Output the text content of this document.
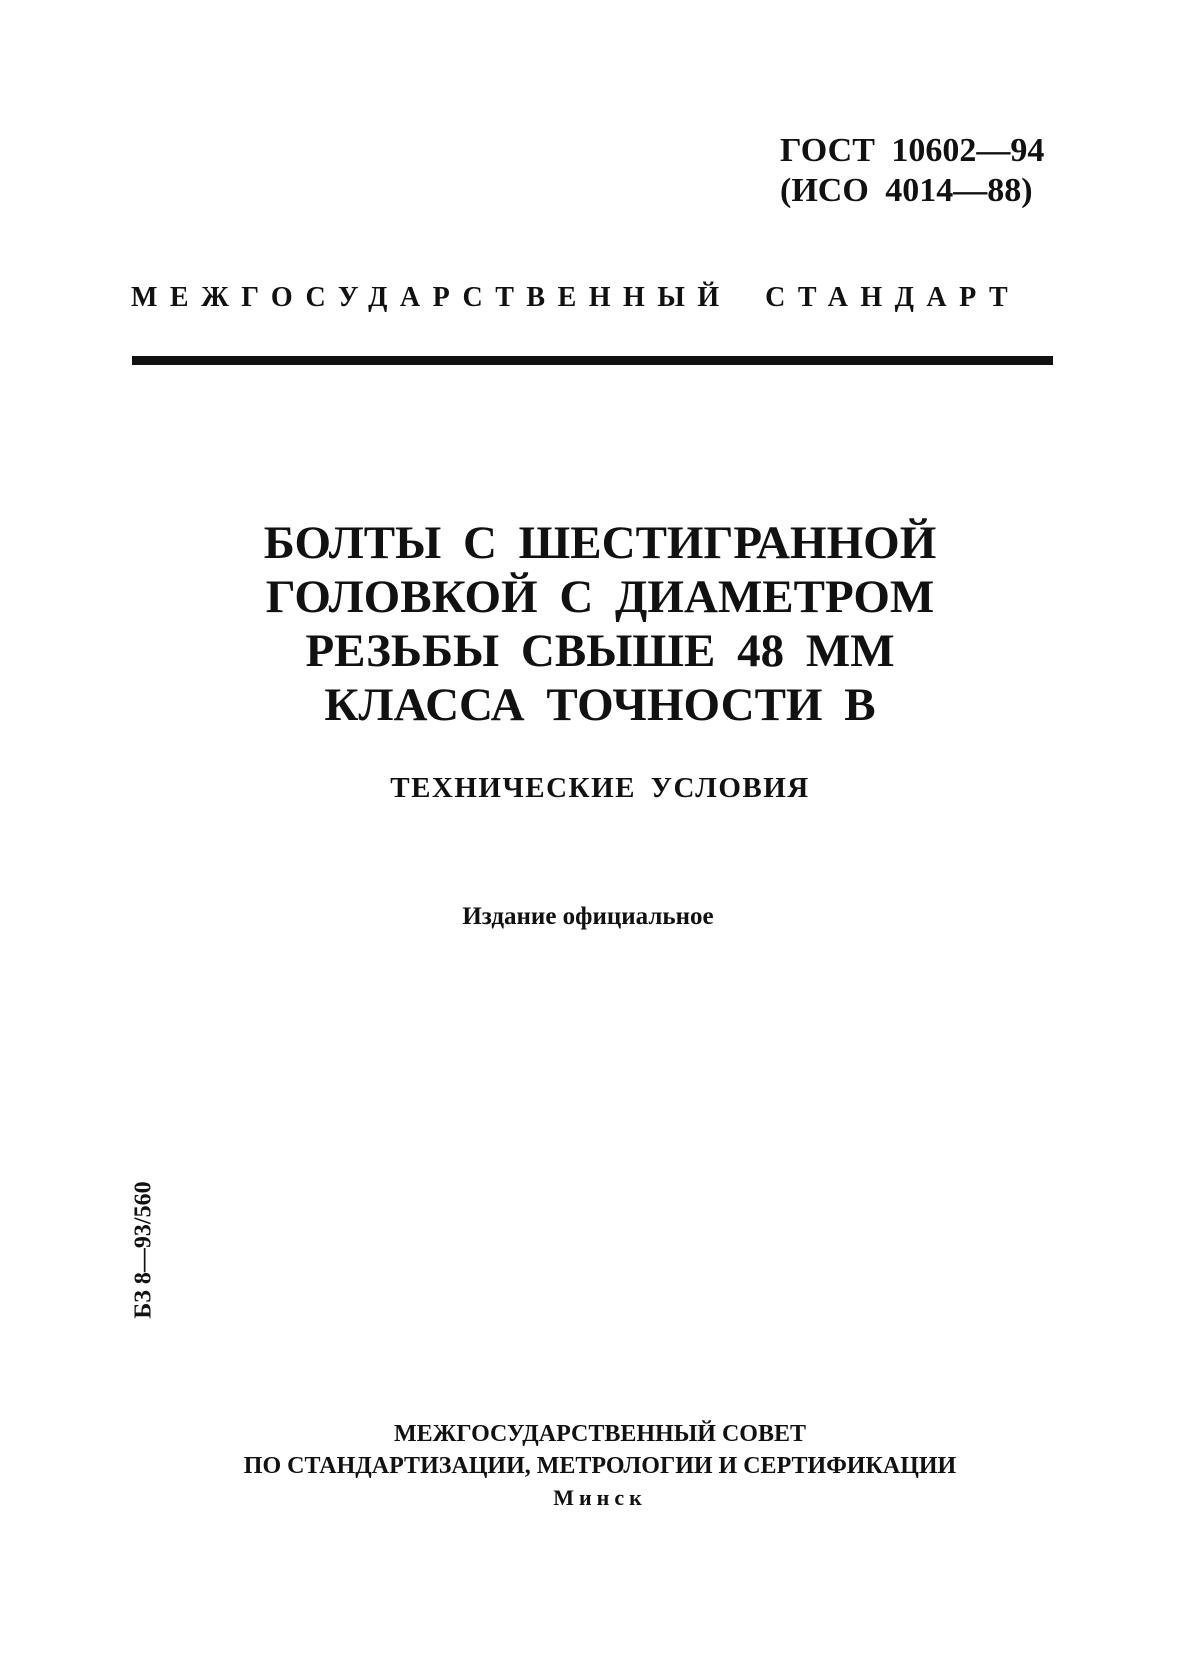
ГОСТ 10602—94
(ИСО 4014—88)
МЕЖГОСУДАРСТВЕННЫЙ СТАНДАРТ
БОЛТЫ С ШЕСТИГРАННОЙ
ГОЛОВКОЙ С ДИАМЕТРОМ
РЕЗЬБЫ СВЫШЕ 48 ММ
КЛАССА ТОЧНОСТИ В
ТЕХНИЧЕСКИЕ УСЛОВИЯ
Издание официальное
БЗ 8—93/560
МЕЖГОСУДАРСТВЕННЫЙ СОВЕТ
ПО СТАНДАРТИЗАЦИИ, МЕТРОЛОГИИ И СЕРТИФИКАЦИИ
Минск
